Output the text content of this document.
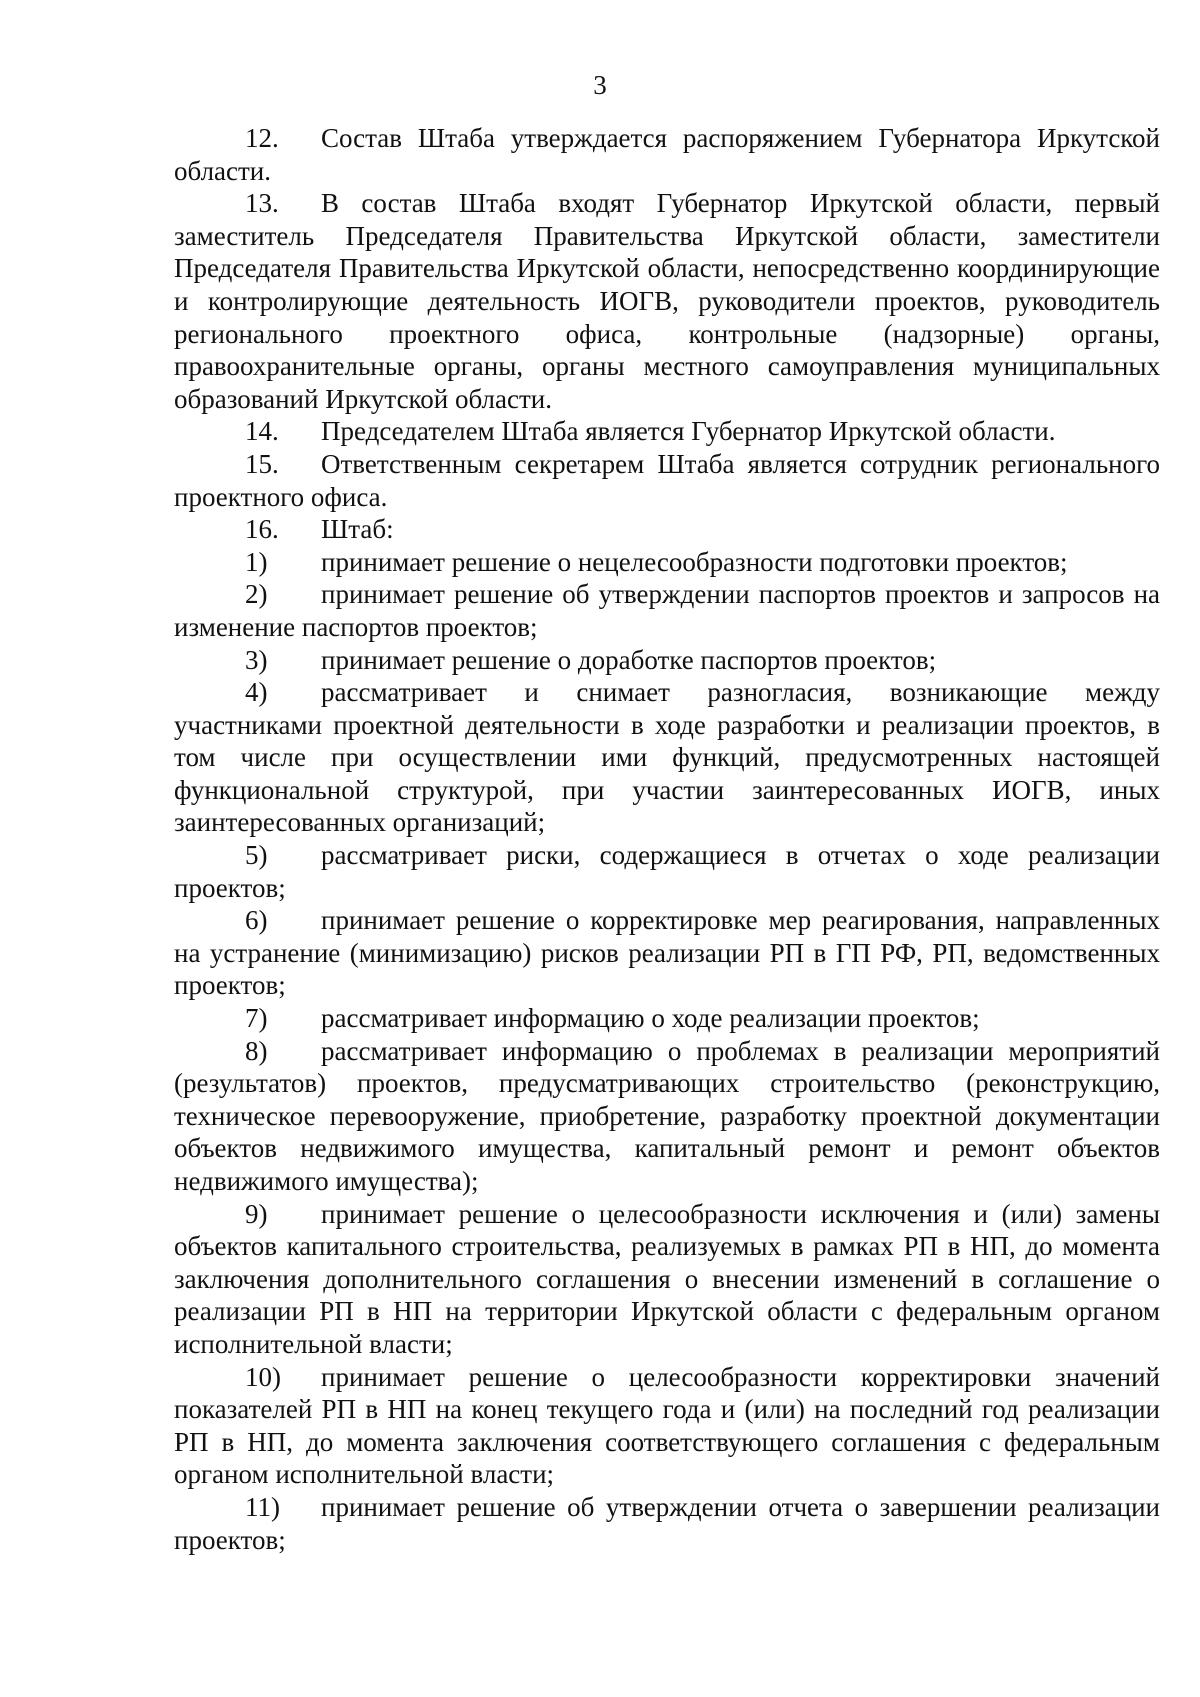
3

12. Состав Штаба утверждается распоряжением Губернатора Иркутской области.

13. В состав Штаба входят Губернатор Иркутской области, первый заместитель Председателя Правительства Иркутской области, заместители Председателя Правительства Иркутской области, непосредственно координирующие и контролирующие деятельность ИОГВ, руководители проектов, руководитель регионального проектного офиса, контрольные (надзорные) органы, правоохранительные органы, органы местного самоуправления муниципальных образований Иркутской области.

14. Председателем Штаба является Губернатор Иркутской области.

15. Ответственным секретарем Штаба является сотрудник регионального проектного офиса.

16. Штаб:

1) принимает решение о нецелесообразности подготовки проектов;

2) принимает решение об утверждении паспортов проектов и запросов на изменение паспортов проектов;

3) принимает решение о доработке паспортов проектов;

4) рассматривает и снимает разногласия, возникающие между участниками проектной деятельности в ходе разработки и реализации проектов, в том числе при осуществлении ими функций, предусмотренных настоящей функциональной структурой, при участии заинтересованных ИОГВ, иных заинтересованных организаций;

5) рассматривает риски, содержащиеся в отчетах о ходе реализации проектов;

6) принимает решение о корректировке мер реагирования, направленных на устранение (минимизацию) рисков реализации РП в ГП РФ, РП, ведомственных проектов;

7) рассматривает информацию о ходе реализации проектов;

8) рассматривает информацию о проблемах в реализации мероприятий (результатов) проектов, предусматривающих строительство (реконструкцию, техническое перевооружение, приобретение, разработку проектной документации объектов недвижимого имущества, капитальный ремонт и ремонт объектов недвижимого имущества);

9) принимает решение о целесообразности исключения и (или) замены объектов капитального строительства, реализуемых в рамках РП в НП, до момента заключения дополнительного соглашения о внесении изменений в соглашение о реализации РП в НП на территории Иркутской области с федеральным органом исполнительной власти;

10) принимает решение о целесообразности корректировки значений показателей РП в НП на конец текущего года и (или) на последний год реализации РП в НП, до момента заключения соответствующего соглашения с федеральным органом исполнительной власти;

11) принимает решение об утверждении отчета о завершении реализации проектов;
